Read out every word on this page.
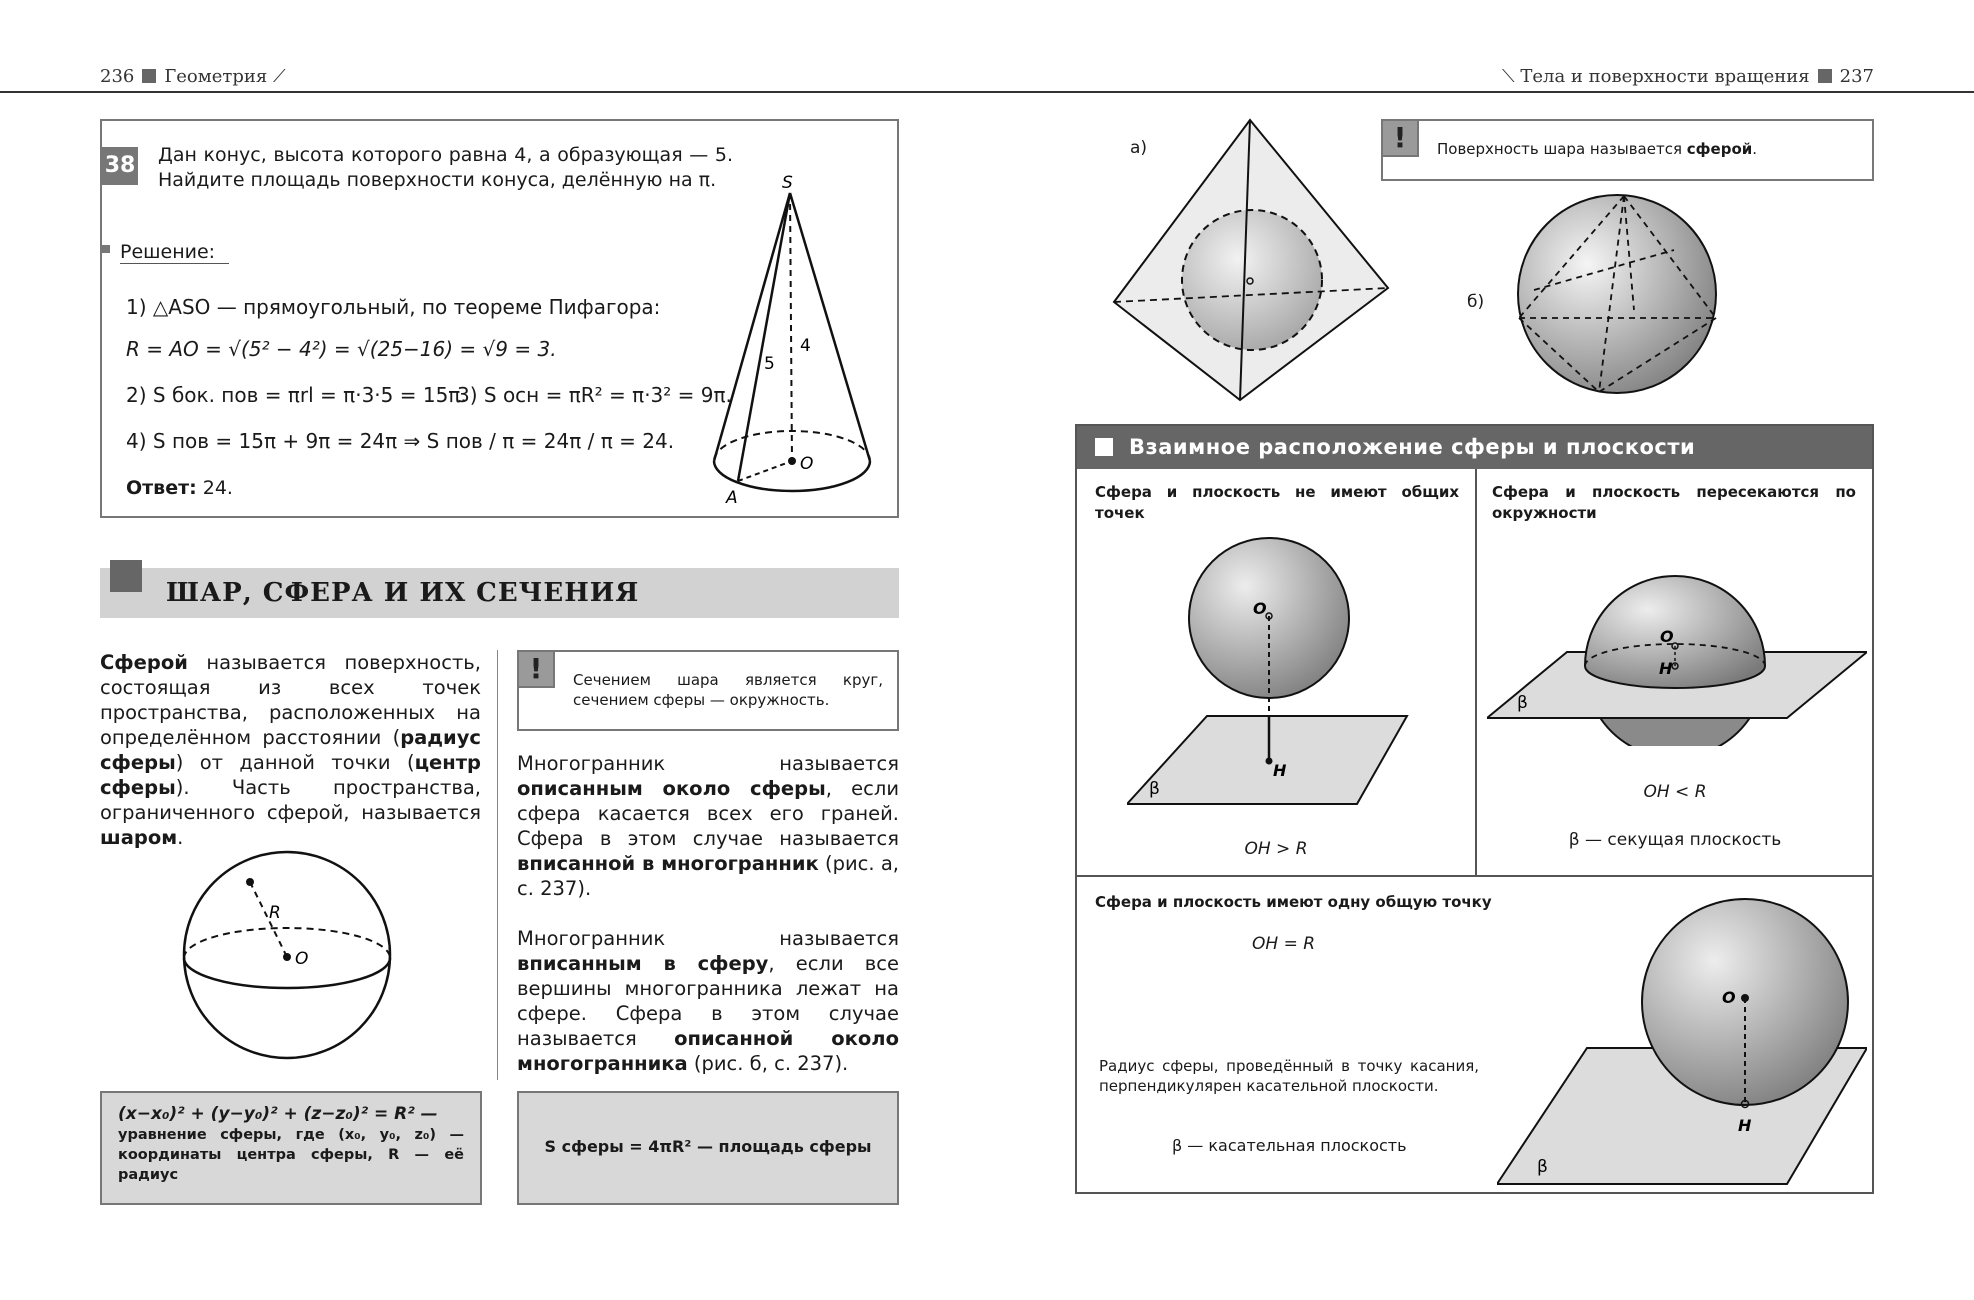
236 Геометрия ⟋	⟍ Тела и поверхности вращения 237
38 Дан конус, высота которого равна 4, а образующая — 5. Найдите площадь поверхности конуса, делённую на π.
Решение:
1) △ASO — прямоугольный, по теореме Пифагора:
R = AO = √(5² − 4²) = √(25−16) = √9 = 3.
2) S бок. пов = πrl = π·3·5 = 15π.
3) S осн = πR² = π·3² = 9π.
4) S пов = 15π + 9π = 24π ⇒ S пов / π = 24π / π = 24.
Ответ: 24.
S
4
5
O
A
ШАР, СФЕРА И ИХ СЕЧЕНИЯ
Сферой называется поверхность, состоящая из всех точек пространства, расположенных на определённом расстоянии (радиус сферы) от данной точки (центр сферы). Часть пространства, ограниченного сферой, называется шаром.
R
O
(x−x₀)² + (y−y₀)² + (z−z₀)² = R² —
уравнение сферы, где (x₀, y₀, z₀) — координаты центра сферы, R — её радиус
!	Сечением шара является круг, сечением сферы — окружность.
Многогранник называется описанным около сферы, если сфера касается всех его граней. Сфера в этом случае называется вписанной в многогранник (рис. а, с. 237).
Многогранник называется вписанным в сферу, если все вершины многогранника лежат на сфере. Сфера в этом случае называется описанной около многогранника (рис. б, с. 237).
S сферы = 4πR² — площадь сферы
а)	!	Поверхность шара называется сферой.
б)
Взаимное расположение сферы и плоскости
Сфера и плоскость не имеют общих точек
O
H
β
OH > R
Сфера и плоскость пересекаются по окружности
O
H
β
OH < R
β — секущая плоскость
Сфера и плоскость имеют одну общую точку
OH = R
Радиус сферы, проведённый в точку касания, перпендикулярен касательной плоскости.
β — касательная плоскость
O
H
β
